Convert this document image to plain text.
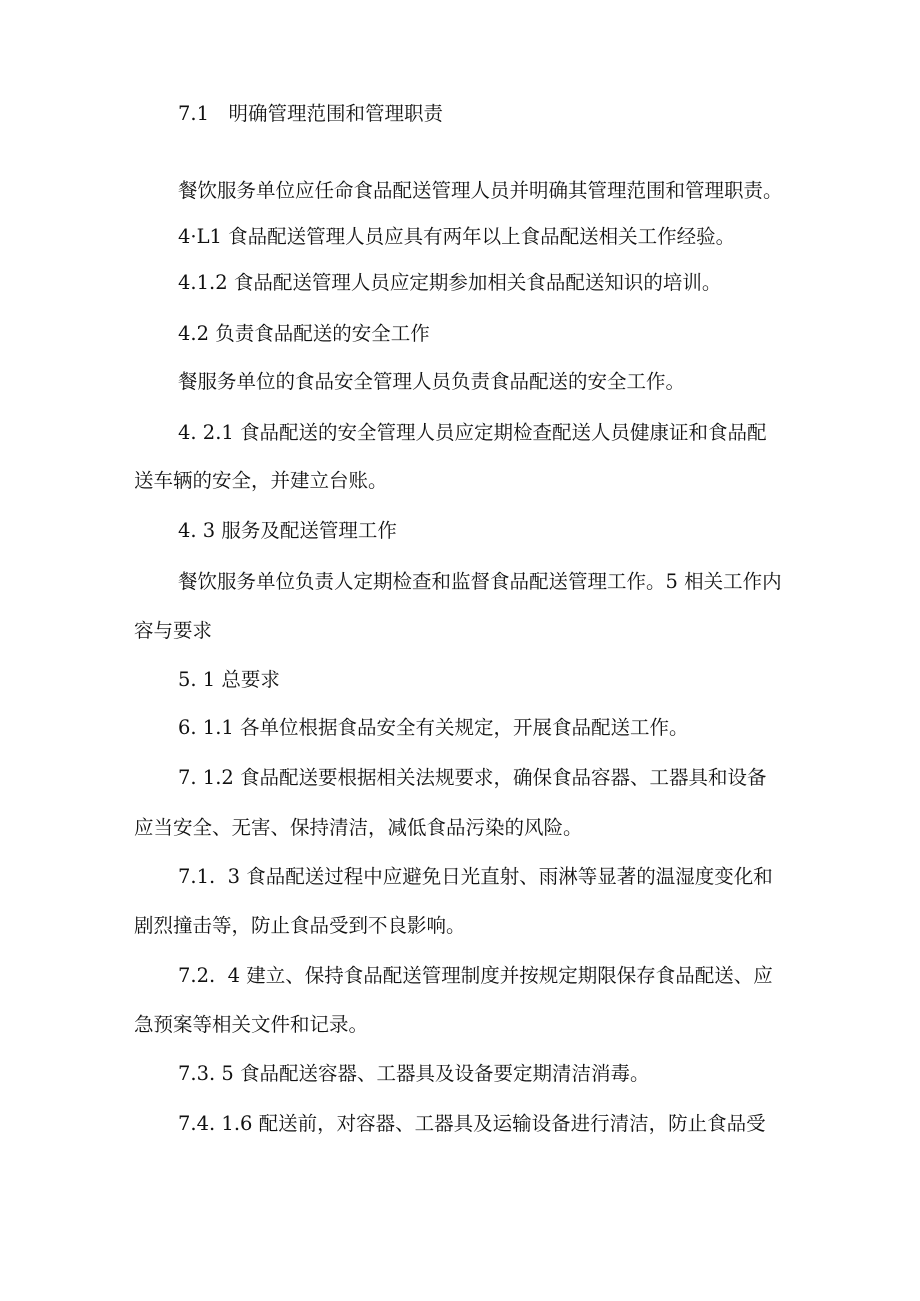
7.1　明确管理范围和管理职责
餐饮服务单位应任命食品配送管理人员并明确其管理范围和管理职责。
4·L1 食品配送管理人员应具有两年以上食品配送相关工作经验。
4.1.2 食品配送管理人员应定期参加相关食品配送知识的培训。
4.2 负责食品配送的安全工作
餐服务单位的食品安全管理人员负责食品配送的安全工作。
4. 2.1 食品配送的安全管理人员应定期检查配送人员健康证和食品配
送车辆的安全，并建立台账。
4. 3 服务及配送管理工作
餐饮服务单位负责人定期检查和监督食品配送管理工作。5 相关工作内
容与要求
5. 1 总要求
6. 1.1 各单位根据食品安全有关规定，开展食品配送工作。
7. 1.2 食品配送要根据相关法规要求，确保食品容器、工器具和设备
应当安全、无害、保持清洁，减低食品污染的风险。
7.1.  3 食品配送过程中应避免日光直射、雨淋等显著的温湿度变化和
剧烈撞击等，防止食品受到不良影响。
7.2.  4 建立、保持食品配送管理制度并按规定期限保存食品配送、应
急预案等相关文件和记录。
7.3. 5 食品配送容器、工器具及设备要定期清洁消毒。
7.4. 1.6 配送前，对容器、工器具及运输设备进行清洁，防止食品受
